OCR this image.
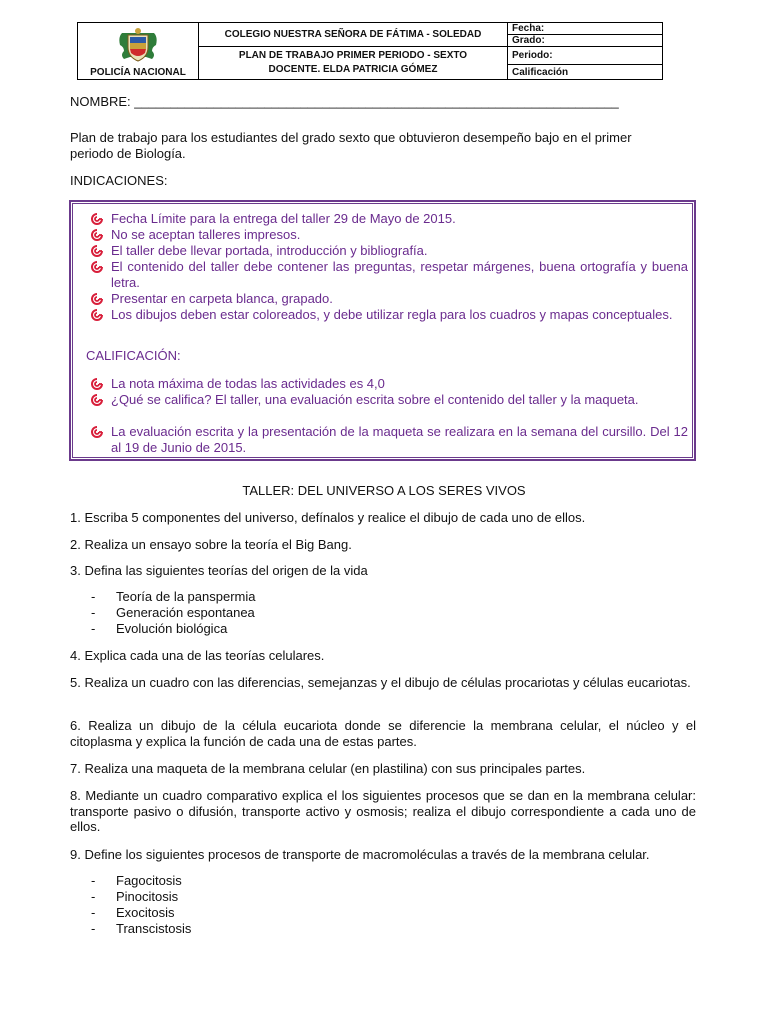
POLICÍA NACIONAL	COLEGIO NUESTRA SEÑORA DE FÁTIMA - SOLEDAD	Fecha:
		Grado:
	PLAN DE TRABAJO PRIMER PERIODO - SEXTO
DOCENTE. ELDA PATRICIA GÓMEZ	Periodo:
		Calificación
NOMBRE: ___________________________________________________________________
Plan de trabajo para los estudiantes del grado sexto que obtuvieron desempeño bajo en el primer
periodo de Biología.
INDICACIONES:
Fecha Límite para la entrega del taller 29 de Mayo de 2015.
No se aceptan talleres impresos.
El taller debe llevar portada, introducción y bibliografía.
El contenido del taller debe contener las preguntas, respetar márgenes, buena ortografía y buena letra.
Presentar en carpeta blanca, grapado.
Los dibujos deben estar coloreados, y debe utilizar regla para los cuadros y mapas conceptuales.
CALIFICACIÓN:
La nota máxima de todas las actividades es 4,0
¿Qué se califica? El taller, una evaluación escrita sobre el contenido del taller y la maqueta.
La evaluación escrita y la presentación de la maqueta se realizara en la semana del cursillo. Del 12 al 19 de Junio de 2015.
TALLER: DEL UNIVERSO A LOS SERES VIVOS
1. Escriba 5 componentes del universo, defínalos y realice el dibujo de cada uno de ellos.
2. Realiza un ensayo sobre la teoría el Big Bang.
3. Defina las siguientes teorías del origen de la vida
- Teoría de la panspermia
- Generación espontanea
- Evolución biológica
4. Explica cada una de las teorías celulares.
5. Realiza un cuadro con las diferencias, semejanzas y el dibujo de células procariotas y células eucariotas.
6. Realiza un dibujo de la célula eucariota donde se diferencie la membrana celular, el núcleo y el citoplasma y explica la función de cada una de estas partes.
7. Realiza una maqueta de la membrana celular (en plastilina) con sus principales partes.
8. Mediante un cuadro comparativo explica el los siguientes procesos que se dan en la membrana celular: transporte pasivo o difusión, transporte activo y osmosis; realiza el dibujo correspondiente a cada uno de ellos.
9. Define los siguientes procesos de transporte de macromoléculas a través de la membrana celular.
- Fagocitosis
- Pinocitosis
- Exocitosis
- Transcistosis
